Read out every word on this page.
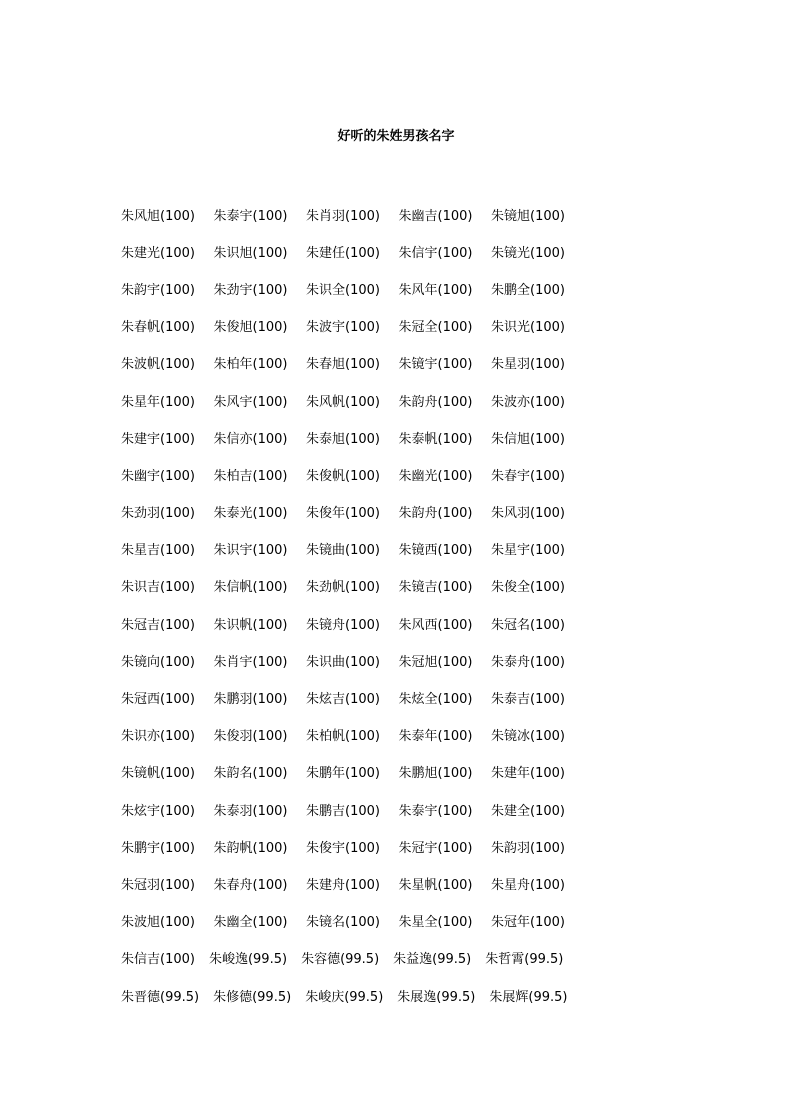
好听的朱姓男孩名字
朱风旭(100)	朱泰宇(100)	朱肖羽(100)	朱幽吉(100)	朱镜旭(100)
朱建光(100)	朱识旭(100)	朱建任(100)	朱信宇(100)	朱镜光(100)
朱韵宇(100)	朱劲宇(100)	朱识全(100)	朱风年(100)	朱鹏全(100)
朱春帆(100)	朱俊旭(100)	朱波宇(100)	朱冠全(100)	朱识光(100)
朱波帆(100)	朱柏年(100)	朱春旭(100)	朱镜宇(100)	朱星羽(100)
朱星年(100)	朱风宇(100)	朱风帆(100)	朱韵舟(100)	朱波亦(100)
朱建宇(100)	朱信亦(100)	朱泰旭(100)	朱泰帆(100)	朱信旭(100)
朱幽宇(100)	朱柏吉(100)	朱俊帆(100)	朱幽光(100)	朱春宇(100)
朱劲羽(100)	朱泰光(100)	朱俊年(100)	朱韵舟(100)	朱风羽(100)
朱星吉(100)	朱识宇(100)	朱镜曲(100)	朱镜西(100)	朱星宇(100)
朱识吉(100)	朱信帆(100)	朱劲帆(100)	朱镜吉(100)	朱俊全(100)
朱冠吉(100)	朱识帆(100)	朱镜舟(100)	朱风西(100)	朱冠名(100)
朱镜向(100)	朱肖宇(100)	朱识曲(100)	朱冠旭(100)	朱泰舟(100)
朱冠西(100)	朱鹏羽(100)	朱炫吉(100)	朱炫全(100)	朱泰吉(100)
朱识亦(100)	朱俊羽(100)	朱柏帆(100)	朱泰年(100)	朱镜冰(100)
朱镜帆(100)	朱韵名(100)	朱鹏年(100)	朱鹏旭(100)	朱建年(100)
朱炫宇(100)	朱泰羽(100)	朱鹏吉(100)	朱泰宇(100)	朱建全(100)
朱鹏宇(100)	朱韵帆(100)	朱俊宇(100)	朱冠宇(100)	朱韵羽(100)
朱冠羽(100)	朱春舟(100)	朱建舟(100)	朱星帆(100)	朱星舟(100)
朱波旭(100)	朱幽全(100)	朱镜名(100)	朱星全(100)	朱冠年(100)
朱信吉(100) 朱峻逸(99.5) 朱容德(99.5) 朱益逸(99.5) 朱哲霄(99.5)
朱晋德(99.5) 朱修德(99.5) 朱峻庆(99.5) 朱展逸(99.5) 朱展辉(99.5)
